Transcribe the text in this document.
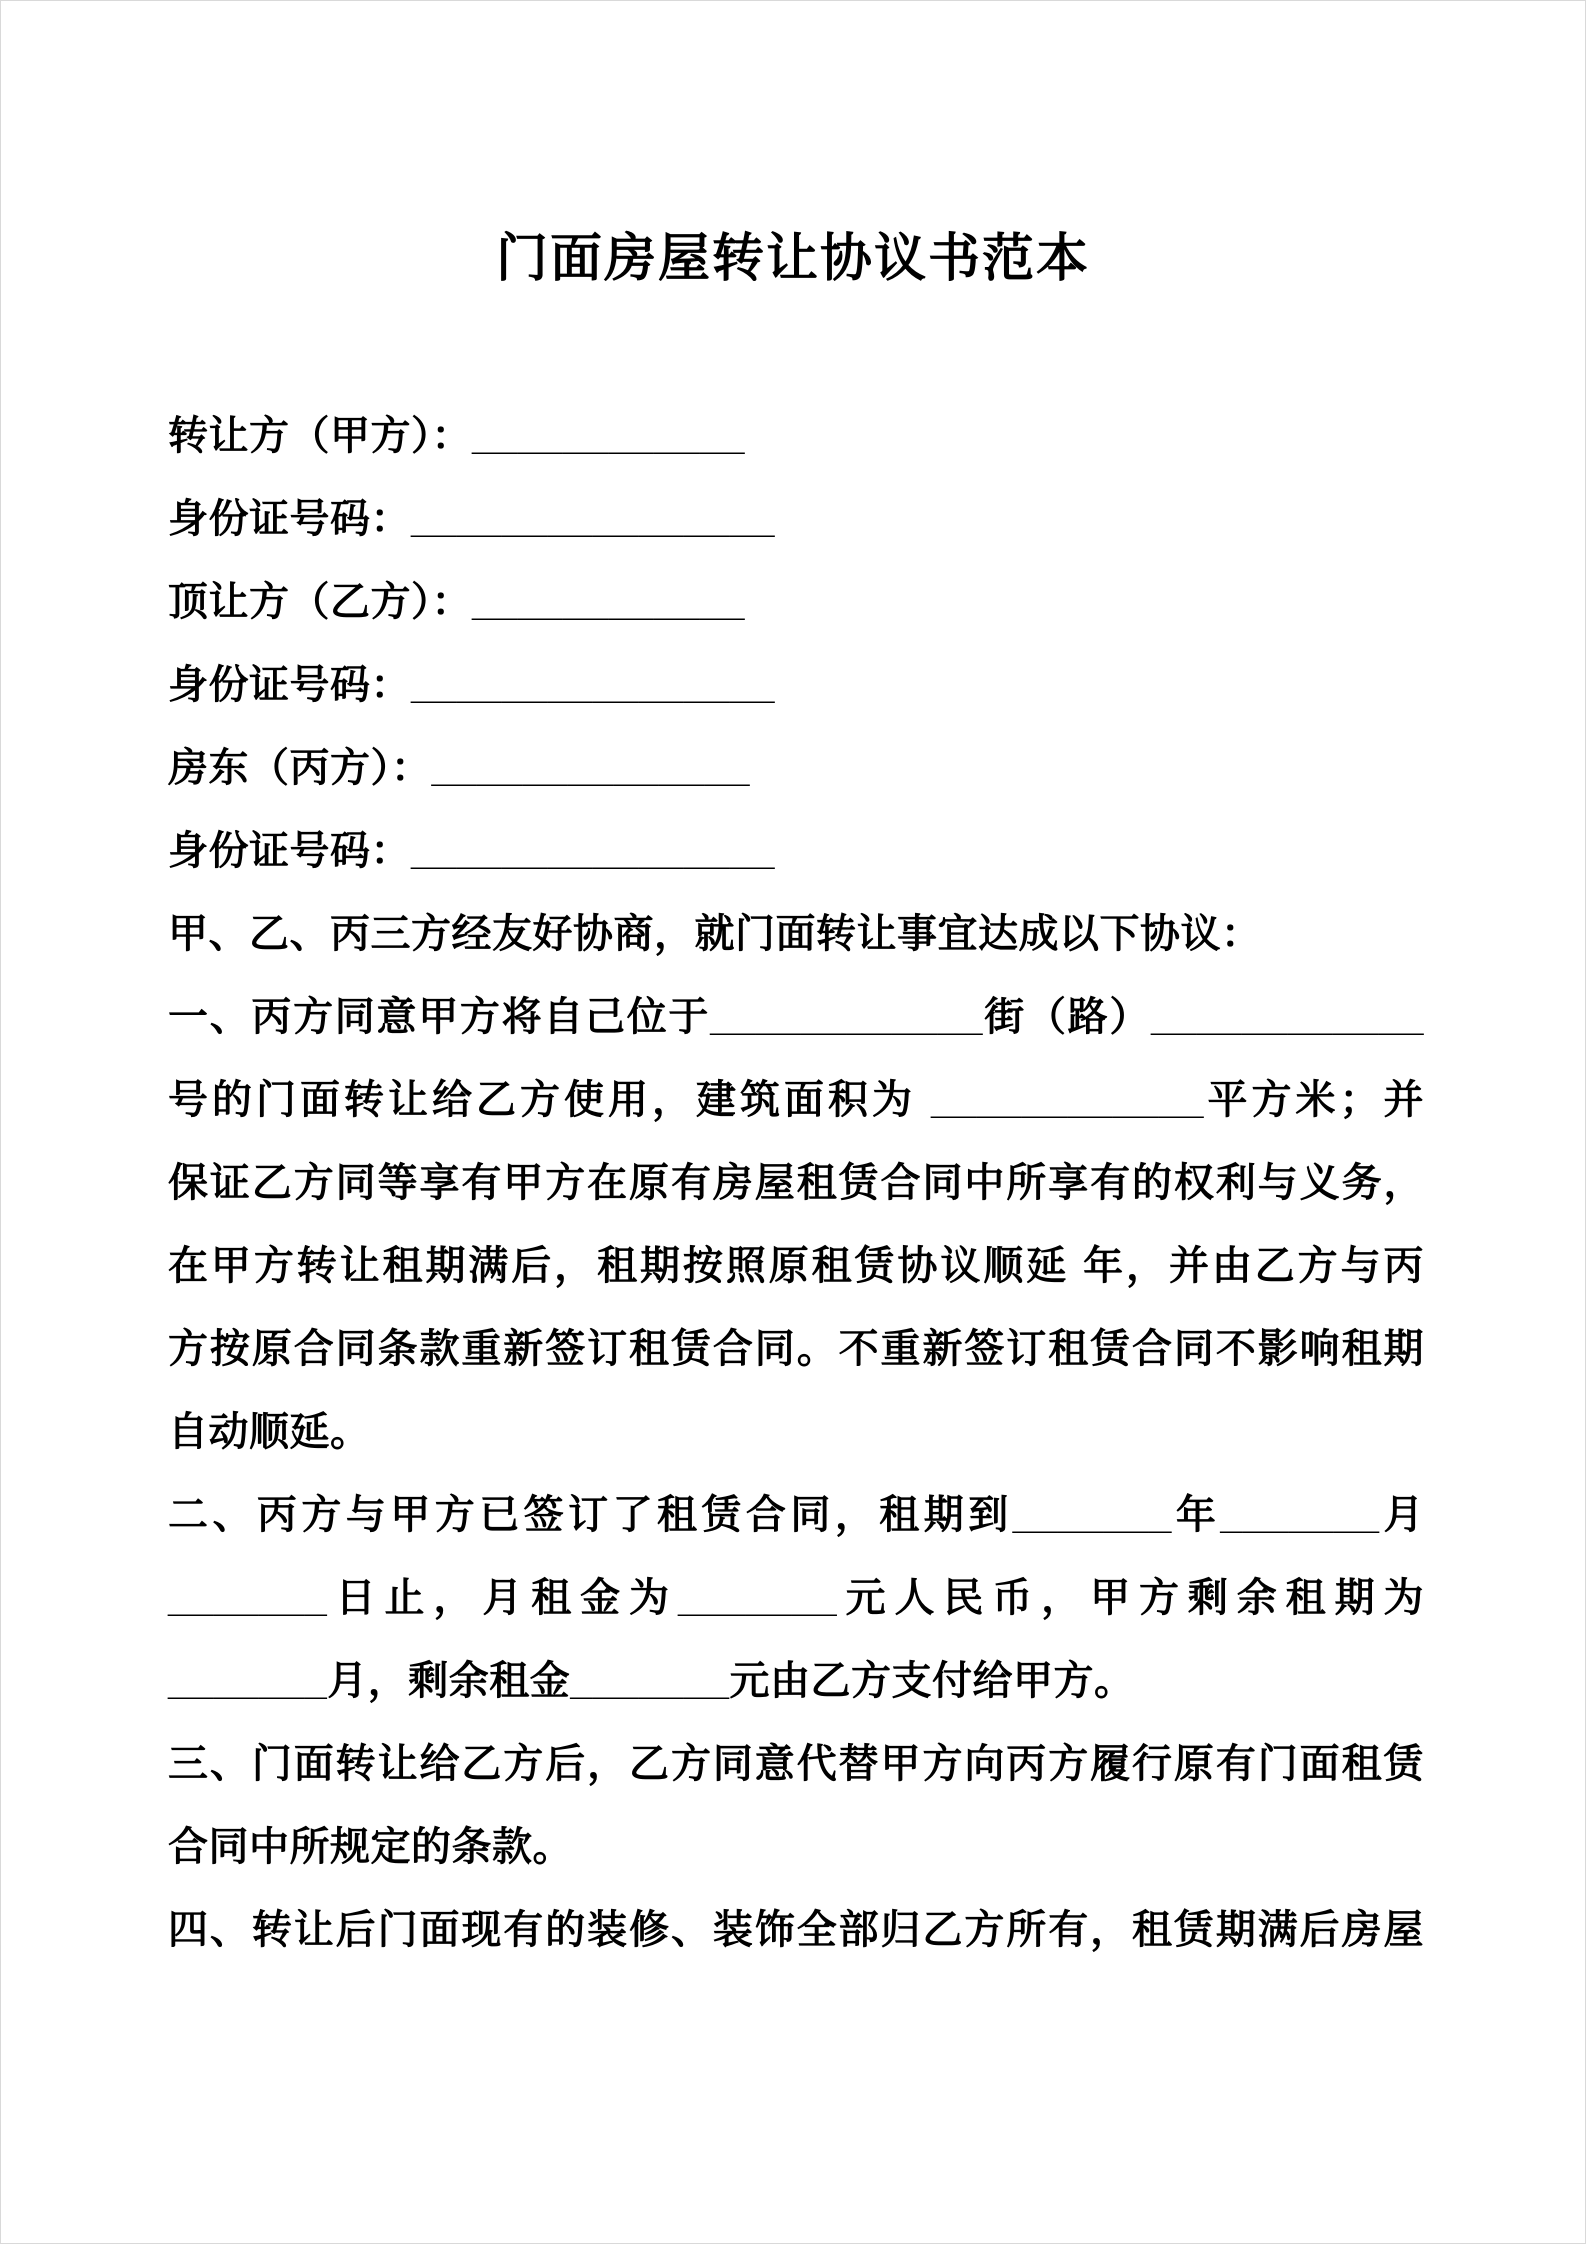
门面房屋转让协议书范本
转让方（甲方）：____________
身份证号码：________________
顶让方（乙方）：____________
身份证号码：________________
房东（丙方）：______________
身份证号码：________________
甲、乙、丙三方经友好协商，就门面转让事宜达成以下协议：
一、丙方同意甲方将自己位于____________街（路）____________
号的门面转让给乙方使用，建筑面积为 ____________平方米；并
保证乙方同等享有甲方在原有房屋租赁合同中所享有的权利与义务，
在甲方转让租期满后，租期按照原租赁协议顺延 年，并由乙方与丙
方按原合同条款重新签订租赁合同。不重新签订租赁合同不影响租期
自动顺延。
二、丙方与甲方已签订了租赁合同，租期到_______年_______月
_______日止，月租金为_______元人民币，甲方剩余租期为
_______月，剩余租金_______元由乙方支付给甲方。
三、门面转让给乙方后，乙方同意代替甲方向丙方履行原有门面租赁
合同中所规定的条款。
四、转让后门面现有的装修、装饰全部归乙方所有，租赁期满后房屋
